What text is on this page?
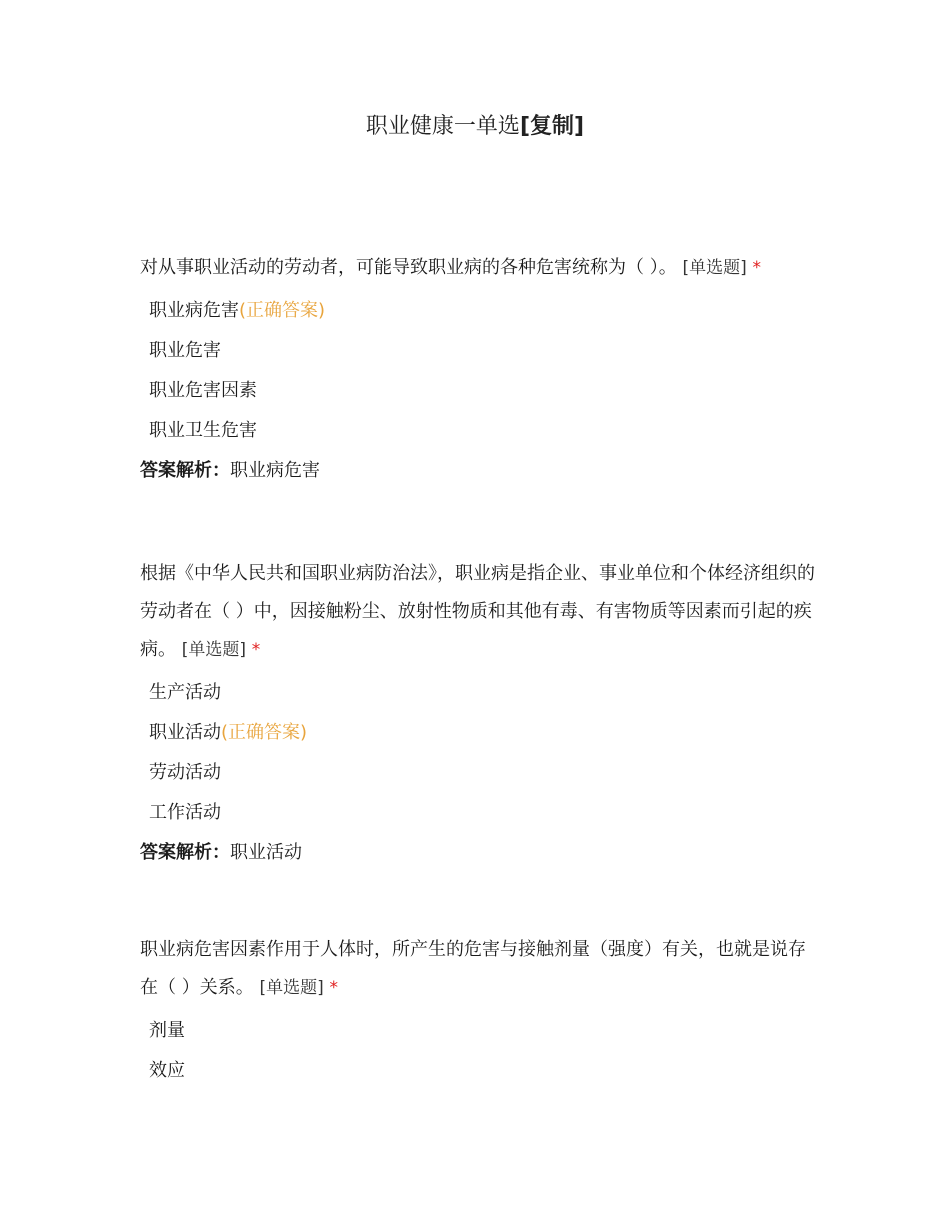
职业健康一单选[复制]

对从事职业活动的劳动者，可能导致职业病的各种危害统称为（ ）。 [单选题] *

职业病危害(正确答案)
职业危害
职业危害因素
职业卫生危害

答案解析：职业病危害

根据《中华人民共和国职业病防治法》，职业病是指企业、事业单位和个体经济组织的劳动者在（ ）中，因接触粉尘、放射性物质和其他有毒、有害物质等因素而引起的疾病。 [单选题] *

生产活动
职业活动(正确答案)
劳动活动
工作活动

答案解析：职业活动

职业病危害因素作用于人体时，所产生的危害与接触剂量（强度）有关，也就是说存在（ ）关系。 [单选题] *

剂量
效应
